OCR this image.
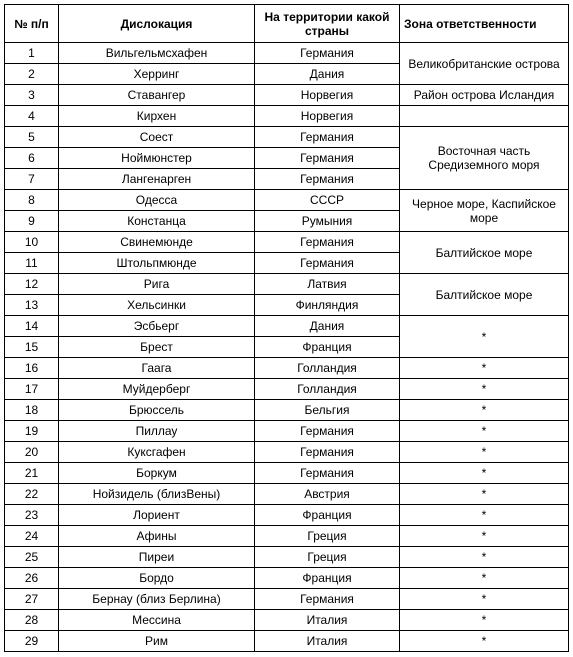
№ п/п	Дислокация	На территории какой страны	Зона ответственности
1	Вильгельмсхафен	Германия	Великобританские острова
2	Херринг	Дания	
3	Ставангер	Норвегия	Район острова Исландия
4	Кирхен	Норвегия	
5	Соест	Германия	Восточная часть Средиземного моря
6	Ноймюнстер	Германия	
7	Лангенарген	Германия	
8	Одесса	СССР	Черное море, Каспийское море
9	Констанца	Румыния	
10	Свинемюнде	Германия	Балтийское море
11	Штольпмюнде	Германия	
12	Рига	Латвия	Балтийское море
13	Хельсинки	Финляндия	
14	Эсбьерг	Дания	*
15	Брест	Франция	
16	Гаага	Голландия	*
17	Муйдерберг	Голландия	*
18	Брюссель	Бельгия	*
19	Пиллау	Германия	*
20	Куксгафен	Германия	*
21	Боркум	Германия	*
22	Нойзидель (близВены)	Австрия	*
23	Лориент	Франция	*
24	Афины	Греция	*
25	Пиреи	Греция	*
26	Бордо	Франция	*
27	Бернау (близ Берлина)	Германия	*
28	Мессина	Италия	*
29	Рим	Италия	*
